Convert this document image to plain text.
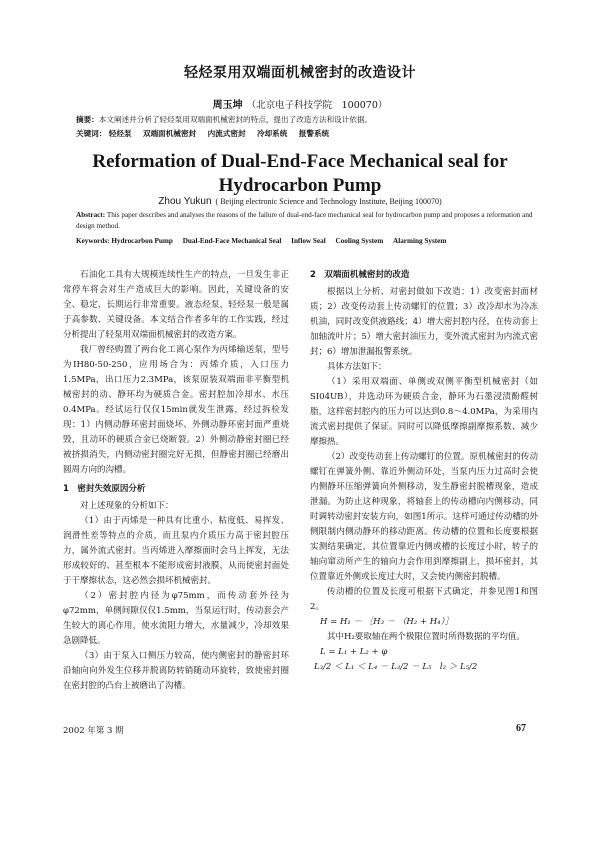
轻烃泵用双端面机械密封的改造设计
周玉坤 （北京电子科技学院　100070）
摘要：本文阐述并分析了轻烃泵用双端面机械密封的特点，提出了改造方法和设计依据。
关键词： 轻烃泵 双端面机械密封 内流式密封 冷却系统 报警系统
Reformation of Dual-End-Face Mechanical seal for
Hydrocarbon Pump
Zhou Yukun ( Beijing electronic Science and Technology Institute, Beijing 100070)
Abstract: This paper describes and analyses the reasons of the failure of dual-end-face mechanical seal for hydrocarbon pump and proposes a reformation and design method.
Keywords: Hydrocarbon Pump Dual-End-Face Mechanical Seal Inflow Seal Cooling System Alarming System

石油化工具有大规模连续性生产的特点，一旦发生非正常停车将会对生产造成巨大的影响。因此，关键设备的安全、稳定、长期运行非常重要。液态烃泵，轻烃泵一般是属于高参数、关键设备。本文结合作者多年的工作实践，经过分析提出了轻泵用双端面机械密封的改造方案。

我厂曾经购置了两台化工离心泵作为丙烯输送泵，型号为IH80-50-250，应用场合为：丙烯介质，入口压力1.5MPa，出口压力2.3MPa，该泵原装双端面非平衡型机械密封的动、静环均为硬质合金。密封腔加冷却水、水压0.4MPa。经试运行仅仅15min就发生泄露，经过拆检发现：1）内侧动静环密封面烧坏、外侧动静环密封面严重烧毁，且动环的硬质合金已烧断裂。2）外侧动静密封圈已经被挤损消失，内侧动密封圈完好无损，但静密封圈已经磨出圆周方向的沟槽。

1　密封失效原因分析

对上述现象的分析如下：

（1）由于丙烯是一种具有比重小、粘度低、易挥发、润滑性差等特点的介质，而且泵内介质压力高于密封腔压力，属外流式密封。当丙烯进入摩擦面时会马上挥发，无法形成较好的、甚至根本不能形成密封液膜，从而使密封面处于干摩擦状态，这必然会损坏机械密封。

（2）密封腔内径为φ75mm，而传动套外径为φ72mm，单侧间隙仅仅1.5mm，当泵运行时，传动套会产生较大的离心作用，使水流阻力增大，水量减少，冷却效果急剧降低。

（3）由于泵入口侧压力较高，使内侧密封的静密封环沿轴向向外发生位移并脱离防转销随动环旋转，致使密封圈在密封腔的凸台上被磨出了沟槽。

2　双端面机械密封的改造

根据以上分析、对密封做如下改造：1）改变密封面材质；2）改变传动套上传动螺钉的位置；3）改冷却水为冷冻机油，同时改变供液路线；4）增大密封腔内径，在传动套上加轴流叶片；5）增大密封油压力，变外流式密封为内流式密封；6）增加泄漏报警系统。

具体方法如下：

（1）采用双端面、单侧或双侧平衡型机械密封（如SI04UB），并选动环为硬质合金，静环为石墨浸渍酚醛树脂，这样密封腔内的压力可以达到0.8～4.0MPa，为采用内流式密封提供了保证。同时可以降低摩擦副摩擦系数、减少摩擦热。

（2）改变传动套上传动螺钉的位置。原机械密封的传动螺钉在弹簧外侧、靠近外侧动环处，当泵内压力过高时会使内侧静环压缩弹簧向外侧移动，发生静密封脱槽现象，造成泄漏。为防止这种现象，将轴套上的传动槽向内侧移动，同时调转动密封安装方向，如图1所示。这样可通过传动槽的外侧限制内侧动静环的移动距离。传动槽的位置和长度要根据实测结果确定，其位置靠近内侧或槽的长度过小时，转子的轴向窜动所产生的轴向力会作用到摩擦副上，损坏密封，其位置靠近外侧或长度过大时，又会使内侧密封脱槽。

传动槽的位置及长度可根据下式确定，并参见图1和图2。

H = H₁ － ［H₃ － （H₂ + H₄）］

其中H₂要取轴在两个极限位置时所得数据的平均值。

L = L₁ + L₂ + φ

L₃/2 ＜ L₁ ＜ L₄ － L₃/2 － L₅　l₂ ＞ L₅/2

2002 年第 3 期	67
